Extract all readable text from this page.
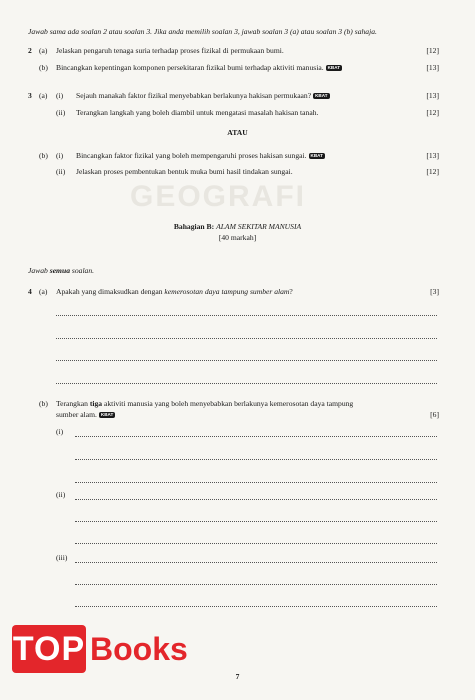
GEOGRAFI
Jawab sama ada soalan 2 atau soalan 3. Jika anda memilih soalan 3, jawab soalan 3 (a) atau soalan 3 (b) sahaja.
2 (a) Jelaskan pengaruh tenaga suria terhadap proses fizikal di permukaan bumi.	[12]
(b) Bincangkan kepentingan komponen persekitaran fizikal bumi terhadap aktiviti manusia. KBAT	[13]
3 (a) (i) Sejauh manakah faktor fizikal menyebabkan berlakunya hakisan permukaan? KBAT	[13]
(ii) Terangkan langkah yang boleh diambil untuk mengatasi masalah hakisan tanah.	[12]
ATAU
(b) (i) Bincangkan faktor fizikal yang boleh mempengaruhi proses hakisan sungai. KBAT	[13]
(ii) Jelaskan proses pembentukan bentuk muka bumi hasil tindakan sungai.	[12]
Bahagian B: ALAM SEKITAR MANUSIA
[40 markah]
Jawab semua soalan.
4 (a) Apakah yang dimaksudkan dengan kemerosotan daya tampung sumber alam?	[3]
(b) Terangkan tiga aktiviti manusia yang boleh menyebabkan berlakunya kemerosotan daya tampung
sumber alam. KBAT	[6]
(i)
(ii)
(iii)
7
TOP Books
